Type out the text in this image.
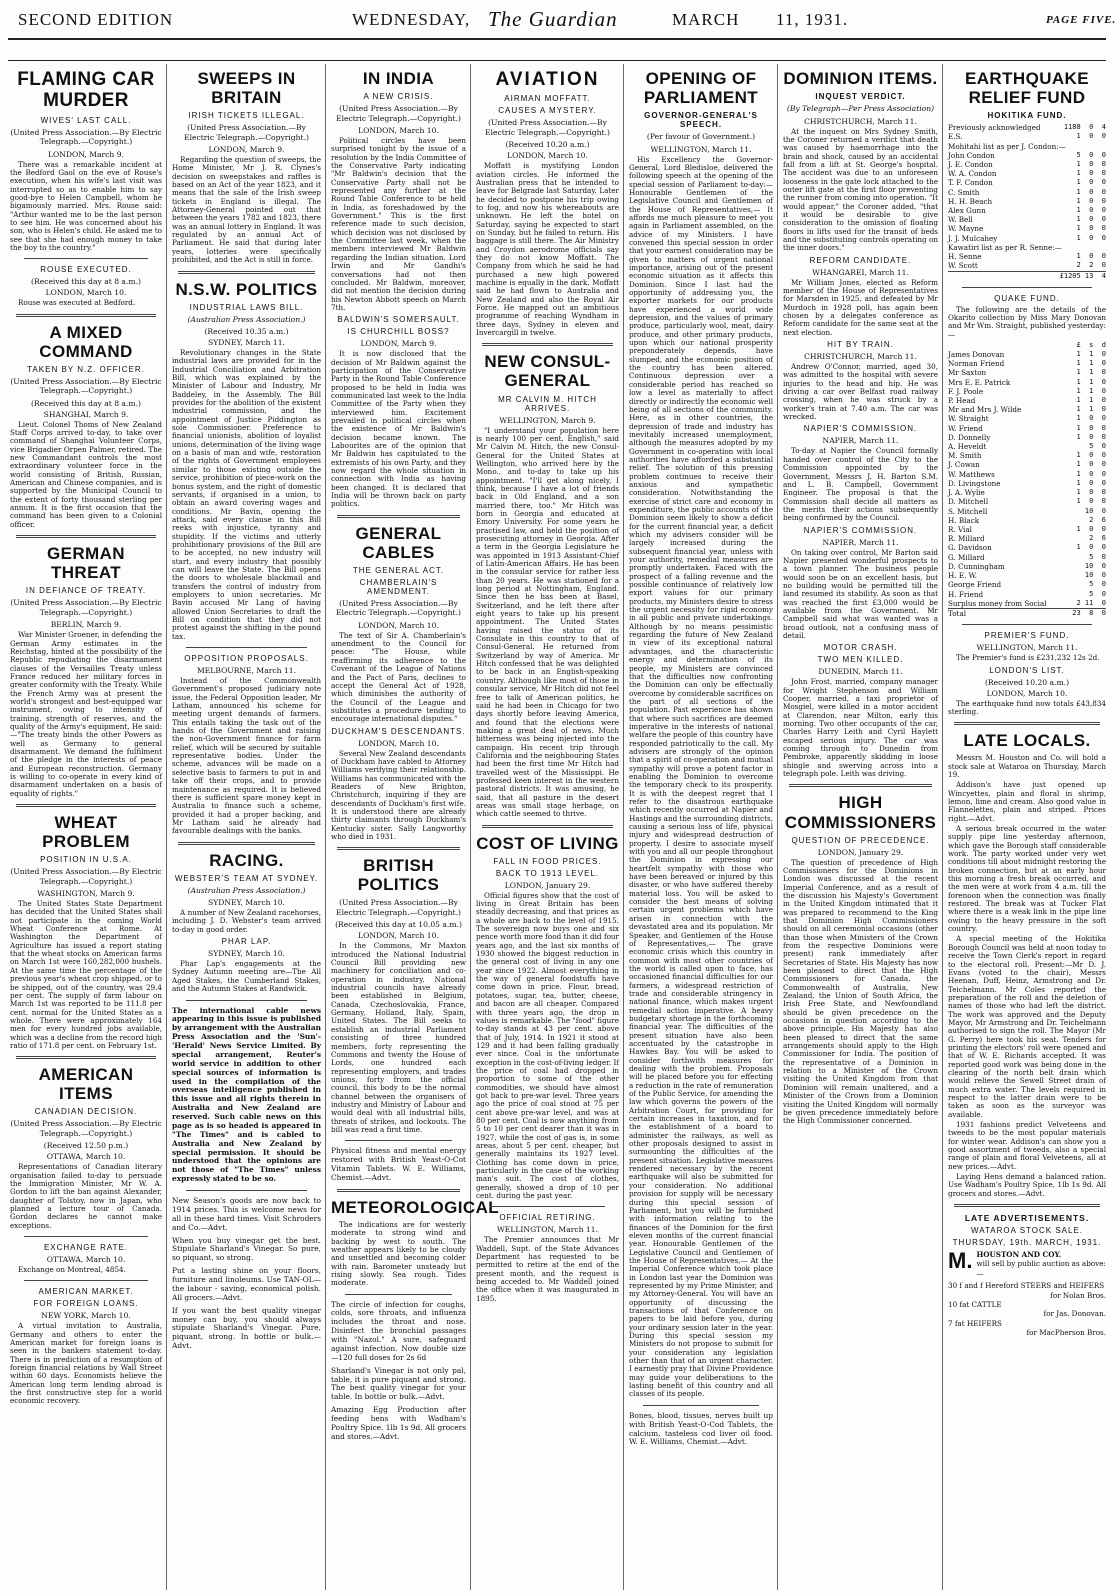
SECOND EDITION	WEDNESDAY, The Guardian	MARCH 11, 1931.	PAGE FIVE.
FLAMING CAR MURDER
WIVES' LAST CALL.
(United Press Association.—By Electric Telegraph.—Copyright.)
LONDON, March 9.

There was a remarkable incident at the Bedford Gaol on the eve of Rouse's execution, when his wife's last visit was interrupted so as to enable him to say good-bye to Helen Campbell, whom he bigamously married. Mrs. Rouse said: "Arthur wanted me to be the last person to see him. He was concerned about his son, who is Helen's child. He asked me to see that she had enough money to take the boy to the country."

ROUSE EXECUTED.
(Received this day at 8 a.m.)
LONDON, March 10.

Rouse was executed at Bedford.

A MIXED COMMAND
TAKEN BY N.Z. OFFICER.
(United Press Association.—By Electric Telegraph.—Copyright.)
(Received this day at 8 a.m.)
SHANGHAI, March 9.

Lieut. Colonel Thoms of New Zealand Staff Corps arrived to-day, to take over command of Shanghai Volunteer Corps, vice Brigadier Orpen Palmer, retired. The new Commandant controls the most extraordinary volunteer force in the world consisting of British, Russian, American and Chinese companies, and is supported by the Municipal Council to the extent of forty thousand sterling per annum. It is the first occasion that the command has been given to a Colonial officer.

GERMAN THREAT
IN DEFIANCE OF TREATY.
(United Press Association.—By Electric Telegraph.—Copyright.)
BERLIN, March 9.

War Minister Groener, in defending the German Army estimates in the Reichstag, hinted at the possibility of the Republic repudiating the disarmament clauses of the Versailles Treaty unless France reduced her military forces in greater conformity with the Treaty. While the French Army was at present the world's strongest and best-equipped war instrument, owing to intensity of training, strength of reserves, and the quality of the Army's equipment, He said:—"The treaty binds the other Powers as well as Germany to general disarmament. We demand the fulfilment of the pledge in the interests of peace and European reconstruction. Germany is willing to co-operate in every kind of disarmament undertaken on a basis of equality of rights."

WHEAT PROBLEM
POSITION IN U.S.A.
(United Press Association.—By Electric Telegraph.—Copyright.)
WASHINGTON, March 9.

The United States State Department has decided that the United States shall not participate in the coming World Wheat Conference at Rome. At Washington the Department of Agriculture has issued a report stating that the wheat stocks on American farms on March 1st were 160,282,000 bushels. At the same time the percentage of the previous year's wheat crop shipped, or to be shipped, out of the country, was 29.4 per cent. The supply of farm labour on March 1st was reported to be 111.8 per cent. normal for the United States as a whole. There were approximately 164 men for every hundred jobs available, which was a decline from the record high ratio of 171.8 per cent. on February 1st.

AMERICAN ITEMS
CANADIAN DECISION.
(United Press Association.—By Electric Telegraph.—Copyright.)
(Received 12.50 p.m.)
OTTAWA, March 10.

Representations of Canadian literary organisation failed to-day to persuade the Immigration Minister, Mr W. A. Gordon to lift the ban against Alexander, daughter of Tolstoy, now in Japan, who planned a lecture tour of Canada. Gordon declares he cannot make exceptions.

EXCHANGE RATE.
OTTAWA, March 10.

Exchange on Montreal, 4854.

AMERICAN MARKET.
FOR FOREIGN LOANS.
NEW YORK, March 10.

A virtual invitation to Australia, Germany and others to enter the American market for foreign loans is seen in the bankers statement to-day. There is in prediction of a resumption of foreign financial relations by Wall Street within 60 days. Economists believe the American long term lending abroad is the first constructive step for a world economic recovery.

SWEEPS IN BRITAIN
IRISH TICKETS ILLEGAL.
(United Press Association.—By Electric Telegraph.—Copyright.)
LONDON, March 9.

Regarding the question of sweeps, the Home Minister, Mr J. R. Clynes's decision on sweepstakes and raffles is based on an Act of the year 1823, and it means that the sale of the Irish sweep tickets in England is illegal. The Attorney-General pointed out that between the years 1782 and 1823, there was an annual lottery in England. It was regulated by an annual Act of Parliament. He said that during later years, lotteries were specifically prohibited, and the Act is still in force.

N.S.W. POLITICS
INDUSTRIAL LAWS BILL.
(Australian Press Association.)
(Received 10.35 a.m.)
SYDNEY, March 11.

Revolutionary changes in the State industrial laws are provided for in the Industrial Conciliation and Arbitration Bill, which was explained by the Minister of Labour and Industry, Mr Baddeley, in the Assembly. The Bill provides for the abolition of the existent industrial commission, and the appointment of Justice Piddington as sole Commissioner. Preference to financial unionists, abolition of loyalist unions, determination of the living wage on a basis of man and wife, restoration of the rights of Government employees similar to those existing outside the service, prohibition of piece-work on the bonus system, and the right of domestic servants, if organised in a union, to obtain an award covering wages and conditions. Mr Bavin, opening the attack, said every clause in this Bill reeks with injustice, tyranny and stupidity. If the victims and utterly prohibitionary provisions of the Bill are to be accepted, no new industry will start, and every industry that possibly can will leave the State. The Bill opens the doors to wholesale blackmail and transfers the control of industry from employers to union secretaries. Mr Bavin accused Mr Lang of having allowed Union Secretaries to draft the Bill on condition that they did not protest against the shifting in the pound tax.

OPPOSITION PROPOSALS.
MELBOURNE, March 11.

Instead of the Commonwealth Government's proposed judiciary note issue, the Federal Opposition leader, Mr Latham, announced his scheme for meeting urgent demands of farmers. This entails taking the task out of the hands of the Government and raising the non-Government finance for farm relief, which will be secured by suitable representative bodies. Under the scheme, advances will be made on a selective basis to farmers to put in and take off their crops, and to provide maintenance as required. It is believed there is sufficient spare money kept in Australia to finance such a scheme, provided it had a proper backing, and Mr Latham said he already had favourable dealings with the banks.

RACING.
WEBSTER'S TEAM AT SYDNEY.
(Australian Press Association.)
SYDNEY, March 10.

A number of New Zealand racehorses, including J. D. Webster's team arrived to-day in good order.

PHAR LAP.
SYDNEY, March 10.

Phar Lap's engagements at the Sydney Autumn meeting are—The All Aged Stakes, the Cumberland Stakes, and the Autumn Stakes at Randwick.

The international cable news appearing in this issue is published by arrangement with the Australian Press Association and the 'Sun'-'Herald' News Service Limited. By special arrangement, Reuter's world service in addition to other special sources of information is used in the compilation of the overseas intelligence published in this issue and all rights therein in Australia and New Zealand are reserved. Such cable news on this page as is so headed is appeared in "The Times" and is cabled to Australia and New Zealand by special permission. It should be understood that the opinions are not those of "The Times" unless expressly stated to be so.

New Season's goods are now back to 1914 prices. This is welcome news for all in these hard times. Visit Schroders and Co.—Advt.

When you buy vinegar get the best. Stipulate Sharland's Vinegar. So pure, so piquant, so strong.

Put a lasting shine on your floors, furniture and linoleums. Use TAN-OL—the labour - saving, economical polish. All grocers.—Advt.

If you want the best quality vinegar money can buy, you should always stipulate Sharland's Vinegar. Pure, piquant, strong. In bottle or bulk.—Advt.

IN INDIA
A NEW CRISIS.
(United Press Association.—By Electric Telegraph.—Copyright.)
LONDON, March 10.

Political circles have been surprised tonight by the issue of a resolution by the India Committee of the Conservative Party indicating "Mr Baldwin's decision that the Conservative Party shall not be represented any further at the Round Table Conference to be held in India, as foreshadowed by the Government." This is the first reference made to such decision, which decision was not disclosed by the Committee last week, when the members interviewed Mr Baldwin regarding the Indian situation. Lord Irwin and Mr Gandhi's conversations had not then concluded. Mr Baldwin, moreover, did not mention the decision during his Newton Abbott speech on March 7th.

BALDWIN'S SOMERSAULT.
IS CHURCHILL BOSS?
LONDON, March 9.

It is now disclosed that the decision of Mr Baldwin against the participation of the Conservative Party in the Round Table Conference proposed to be held in India was communicated last week to the India Committee of the Party when they interviewed him. Excitement prevailed in political circles when the existence of Mr Baldwin's decision became known. The Labourites are of the opinion that Mr Baldwin has capitulated to the extremists of his own Party, and they now regard the whole situation in connection with India as having been changed. It is declared that India will be thrown back on party politics.

GENERAL CABLES
THE GENERAL ACT.
CHAMBERLAIN'S AMENDMENT.
(United Press Association.—By Electric Telegraph.—Copyright.)
LONDON, March 10.

The text of Sir A. Chamberlain's amendment to the Council for peace: "The House, while reaffirming its adherence to the Covenant of the League of Nations and the Pact of Paris, declines to accept the General Act of 1928, which diminishes the authority of the Council of the League and substitutes a procedure tending to encourage international disputes."

DUCKHAM'S DESCENDANTS.
LONDON, March 10.

Several New Zealand descendants of Duckham have cabled to Attorney Williams verifying their relationship. Williams has communicated with the Readers of New Brighton, Christchurch, inquiring if they are descendants of Duckham's first wife. It is understood there are already thirty claimants through Duckham's Kentucky sister. Sally Langworthy who died in 1931.

BRITISH POLITICS
(United Press Association.—By Electric Telegraph.—Copyright.)
(Received this day at 10.05 a.m.)
LONDON, March 10.

In the Commons, Mr Maxton introduced the National Industrial Council Bill providing new machinery for conciliation and co-operation in industry. National industrial councils have already been established in Belgium, Canada, Czechoslovakia, France, Germany, Holland, Italy, Spain, United States. The Bill seeks to establish an industrial Parliament consisting of three hundred members, forty representing the Commons and twenty the House of Lords, one hundred each representing employers, and trades unions, forty from the official council, this body to be the normal channel between the organisers of industry and Ministry of Labour and would deal with all industrial bills, threats of strikes, and lockouts. The bill was read a first time.

Physical fitness and mental energy restored with British Yeast-O-Cot Vitamin Tablets. W. E. Williams, Chemist.—Advt.

METEOROLOGICAL

The indications are for westerly moderate to strong wind and backing by west to south. The weather appears likely to be cloudy and unsettled and becoming colder with rain. Barometer unsteady but rising slowly. Sea rough. Tides moderate.

The circle of infection for coughs, colds, sore throats, and influenza includes the throat and nose. Disinfect the bronchial passages with "Nazol." A sure, safeguard against infection. Now double size—120 full doses for 2s 6d

Sharland's Vinegar is not only pal, table, it is pure piquant and strong. The best quality vinegar for your table. In bottle or bulk.—Advt.

Amazing Egg Production after feeding hens with Wadham's Poultry Spice. 1lb 1s 9d. All grocers and stores.—Advt.

AVIATION
AIRMAN MOFFATT.
CAUSES A MYSTERY.
(United Press Association.—By Electric Telegraph.—Copyright.)
(Received 10.20 a.m.)
LONDON, March 10.

Moffatt is mystifying London aviation circles. He informed the Australian press that he intended to leave for Belgrade last Saturday. Later he decided to postpone his trip owing to fog, and now his whereabouts are unknown. He left the hotel on Saturday, saying he expected to start on Sunday, but he failed to return. His baggage is still there. The Air Ministry and Croydon aerodrome officials say they do not know Moffatt. The Company from which he said he had purchased a new high powered machine is equally in the dark. Moffatt said he had flown to Australia and New Zealand and also the Royal Air Force. He mapped out an ambitious programme of reaching Wyndham in three days, Sydney in eleven and Invercargill in twelve.

NEW CONSUL-GENERAL
MR CALVIN M. HITCH ARRIVES.
WELLINGTON, March 9.

"I understand your population here is nearly 100 per cent. English," said Mr Calvin M. Hitch, the new Consul-General for the United States at Wellington, who arrived here by the Mono., and to-day to take up his appointment. "I'll get along nicely, I think, because I have a lot of friends back in Old England, and a son married there, too." Mr Hitch was born in Georgia and educated at Emory University. For some years he practised law, and held the position of prosecuting attorney in Georgia. After a term in the Georgia Legislature he was appointed in 1913 Assistant-Chief of Latin-American Affairs. He has been in the consular service for rather less than 20 years. He was stationed for a long period at Nottingham, England. Since then he has been at Basel, Switzerland, and he left there after eight years to take up his present appointment. The United States having raised the status of its Consulate in this country to that of Consul-General. He returned from Switzerland by way of America. Mr Hitch confessed that he was delighted to be back in an English-speaking country. Although like most of those in consular service, Mr Hitch did not feel free to talk of American politics, he said he had been in Chicago for two days shortly before leaving America, and found that the elections were making a great deal of news. Much bitterness was being injected into the campaign. His recent trip through California and the neighbouring States had been the first time Mr Hitch had travelled west of the Mississippi. He professed keen interest in the western pastoral districts. It was amusing, he said, that all pasture in the desert areas was small stage herbage, on which cattle seemed to thrive.

COST OF LIVING
FALL IN FOOD PRICES.
BACK TO 1913 LEVEL.
LONDON, January 29.

Official figures show that the cost of living in Great Britain has been steadily decreasing, and that prices as a whole are back to the level of 1915. The sovereign now buys one and six pence worth more food than it did four years ago, and the last six months of 1930 showed the biggest reduction in the general cost of living in any one year since 1922. Almost everything in the way of general foodstuffs have come down in price. Flour, bread, potatoes, sugar, tea, butter, cheese, and bacon are all cheaper. Compared with three years ago, the drop in values is remarkable. The "food" figure to-day stands at 43 per cent. above that of July, 1914. In 1921 it stood at 129 and it had been falling gradually ever since. Coal is the unfortunate exception in the cost-of-living ledger. If the price of coal had dropped in proportion to some of the other commodities, we should have almost got back to pre-war level. Three years ago the price of coal stood at 75 per cent above pre-war level, and was at 80 per cent. Coal is now anything from 5 to 10 per cent dearer than it was in 1927, while the cost of gas is, in some areas, about 5 per cent. cheaper, but generally maintains its 1927 level. Clothing has come down in price, particularly in the case of the working man's suit. The cost of clothes, generally, showed a drop of 10 per cent. during the past year.

OFFICIAL RETIRING.
WELLINGTON, March 11.

The Premier announces that Mr Waddell, Supt. of the State Advances Department has requested to be permitted to retire at the end of the present month, and the request is being acceded to. Mr Waddell joined the office when it was inaugurated in 1895.

OPENING OF PARLIAMENT
GOVERNOR-GENERAL'S SPEECH.
(Per favour of Government.)
WELLINGTON, March 11.

His Excellency the Governor-General, Lord Bledisloe, delivered the following speech at the opening of the special session of Parliament to-day:— Honourable Gentlemen of the Legislative Council and Gentlemen of the House of Representatives,— It affords me much pleasure to meet you again in Parliament assembled, on the advice of my Ministers. I have convened this special session in order that your earnest consideration may be given to matters of urgent national importance, arising out of the present economic situation as it affects this Dominion. Since I last had the opportunity of addressing you, the exporter markets for our products have experienced a world wide depression, and the values of primary produce, particularly wool, meat, dairy produce, and other primary products, upon which our national prosperity preponderately depends, have slumped, and the economic position of the country has been altered. Continuous depression over a considerable period has reached so low a level as materially to affect directly or indirectly the economic well being of all sections of the community. Here, as in other countries, the depression of trade and industry has inevitably increased unemployment, although the measures adopted by my Government in co-operation with local authorities have afforded a substantial relief. The solution of this pressing problem continues to receive their anxious and sympathetic consideration. Notwithstanding the exercise of strict care and economy in expenditure, the public accounts of the Dominion seem likely to show a deficit for the current financial year, a deficit which my advisers consider will be largely increased during the subsequent financial year, unless with your authority, remedial measures are promptly undertaken. Faced with the prospect of a falling revenue and the possible continuance of relatively low export values for our primary products, my Ministers desire to stress the urgent necessity for rigid economy in all public and private undertakings. Although by no means pessimistic regarding the future of New Zealand in view of its exceptional natural advantages, and the characteristic energy and determination of its people, my Ministers are convinced that the difficulties now confronting the Dominion can only be effectually overcome by considerable sacrifices on the part of all sections of the population. Past experience has shown that where such sacrifices are deemed imperative in the interests of national welfare the people of this country have responded patriotically to the call. My advisers are strongly of the opinion that a spirit of co-operation and mutual sympathy will prove a potent factor in enabling the Dominion to overcome the temporary check to its prosperity. It is with the deepest regret that I refer to the disastrous earthquake which recently occurred at Napier and Hastings and the surrounding districts, causing a serious loss of life, physical injury and widespread destruction of property. I desire to associate myself with you and all our people throughout the Dominion in expressing our heartfelt sympathy with those who have been bereaved or injured by this disaster, or who have suffered thereby material loss. You will be asked to consider the best means of solving certain urgent problems which have arisen in connection with the devastated area and its population. Mr Speaker, and Gentlemen of the House of Representatives,— The grave economic crisis which this country in common with most other countries of the world is called upon to face, has occasioned financial difficulties for our farmers, a widespread restriction of trade and considerable stringency in national finance, which makes urgent remedial action imperative. A heavy budgetary shortage in the forthcoming financial year. The difficulties of the present situation have also been accentuated by the catastrophe in Hawkes Bay. You will be asked to consider forthwith measures for dealing with the problem. Proposals will be placed before you for effecting a reduction in the rate of remuneration of the Public Service, for amending the law which governs the powers of the Arbitration Court, for providing for certain increases in taxation, and for the establishment of a board to administer the railways, as well as other proposals designed to assist in surmounting the difficulties of the present situation. Legislative measures rendered necessary by the recent earthquake will also be submitted for your consideration. No additional provision for supply will be necessary during this special session of Parliament, but you will be furnished with information relating to the finances of the Dominion for the first eleven months of the current financial year. Honourable Gentlemen of the Legislative Council and Gentlemen of the House of Representatives,— At the Imperial Conference which took place in London last year the Dominion was represented by my Prime Minister, and my Attorney-General. You will have an opportunity of discussing the transactions of that Conference on papers to be laid before you, during your ordinary session later in the year. During this special session my Ministers do not propose to submit for your consideration any legislation other than that of an urgent character. I earnestly pray that Divine Providence may guide your deliberations to the lasting benefit of this country and all classes of its people.

Bones, blood, tissues, nerves built up with British Yeast-O-Cod Tablets, the calcium, tasteless cod liver oil food. W. E. Williams, Chemist.—Advt.

DOMINION ITEMS.
INQUEST VERDICT.
(By Telegraph—Per Press Association)
CHRISTCHURCH, March 11.

At the inquest on Mrs Sydney Smith, the Coroner returned a verdict that death was caused by haemorrhage into the brain and shock, caused by an accidental fall from a lift at St. George's hospital. The accident was due to an unforeseen looseness in the gate lock attached to the outer lift gate at the first floor preventing the runner from coming into operation. "It would appear," the Coroner added, "that it would be desirable to give consideration to the omission of floating floors in lifts used for the transit of beds and the substituting controls operating on the inner doors."

REFORM CANDIDATE.
WHANGAREI, March 11.

Mr William Jones, elected as Reform member of the House of Representatives for Marsden in 1925, and defeated by Mr Murdoch in 1928 poll, has again been chosen by a delegates conference as Reform candidate for the same seat at the next election.

HIT BY TRAIN.
CHRISTCHURCH, March 11.

Andrew O'Connor, married, aged 30, was admitted to the hospital with severe injuries to the head and hip. He was driving a car over Belfast road railway crossing, when he was struck by a worker's train at 7.40 a.m. The car was wrecked.

NAPIER'S COMMISSION.
NAPIER, March 11.

To-day at Napier the Council formally handed over control of the City to the Commission appointed by the Government, Messrs J. H. Barton S.M. and L. B. Campbell, Government Engineer. The proposal is that the Commission shall decide all matters as the merits their actions subsequently being confirmed by the Council.

NAPIER'S COMMISSION.
NAPIER, March 11.

On taking over control, Mr Barton said Napier presented wonderful prospects to a town planner. The business people would soon be on an excellent basis, but no building would be permitted till the land resumed its stability. As soon as that was reached the first £3,000 would be available from the Government. Mr Campbell said what was wanted was a broad outlook, not a confusing mass of detail.

MOTOR CRASH.
TWO MEN KILLED.
DUNEDIN, March 11.

John Frost, married, company manager for Wright Stephenson and William Cooper, married, a taxi proprietor of Mosgiel, were killed in a motor accident at Clarendon, near Milton, early this morning. Two other occupants of the car, Charles Harry Leith and Cyril Haylett escaped serious injury. The car was coming through to Dunedin from Pembroke, apparently skidding in loose shingle and swerving across into a telegraph pole. Leith was driving.

HIGH COMMISSIONERS
QUESTION OF PRECEDENCE.
LONDON, January 29.

The question of precedence of High Commissioners for the Dominions in London was discussed at the recent Imperial Conference, and as a result of the discussion his Majesty's Government in the United Kingdom intimated that it was prepared to recommend to the King that Dominion High Commissioners should on all ceremonial occasions (other than those when Ministers of the Crown from the respective Dominions were present) rank immediately after Secretaries of State. His Majesty has now been pleased to direct that the High Commissioners for Canada, the Commonwealth of Australia, New Zealand, the Union of South Africa, the Irish Free State, and Newfoundland should be given precedence on the occasions in question according to the above principle. His Majesty has also been pleased to direct that the same arrangements should apply to the High Commissioner for India. The position of the representative of a Dominion in relation to a Minister of the Crown visiting the United Kingdom from that Dominion will remain unaltered, and a Minister of the Crown from a Dominion visiting the United Kingdom will normally be given precedence immediately before the High Commissioner concerned.

EARTHQUAKE RELIEF FUND
HOKITIKA FUND.
Previously acknowledged	1188  0  4
E.S.	1  0  0
Mohitahi list as per J. Condon:—
John Condon	5  0  0
J. E. Condon	1  0  0
W. A. Condon	1  0  0
T. F. Condon	1  0  0
C. Smith	1  0  0
H. H. Beach	1  0  0
Alex Gunn	1  0  0
W. Bell	1  0  0
W. Mayne	1  0  0
J. J. Mulcahey	1  0  0
Kawatiri list as per R. Senne:—
H. Senne	1  0  0
W. Scott	2  2  0
£1205 13  4
QUAKE FUND.

The following are the details of the Okarito collection by Miss Mary Donovan and Mr Wm. Straight, published yesterday:—

£  s  d
James Donovan	1  1  0
Norman Friend	1  1  0
Mr Saxton	1  1  0
Mrs E. E. Patrick	1  1  0
F. J. Poole	1  1  0
P. Head	1  1  0
Mr and Mrs J. Wilde	1  1  0
W. Straight	1  0  0
W. Friend	1  0  0
D. Donnelly	1  0  0
A. Heveldt	5  0
M. Smith	1  0  0
J. Cowan	1  0  0
W. Matthews	1  0  0
D. Livingstone	1  0  0
J. A. Wylie	1  0  0
D. Mitchell	1  0  0
S. Mitchell	10  0
H. Black	2  6
R. Vial	1  0  0
R. Millard	2  6
G. Davidson	1  0  0
G. Millard	5  0
D. Cunningham	10  0
H. E. W.	10  0
George Friend	5  0
H. Friend	5  0
Surplus money from Social	2 11  0
Total	23  8  0
PREMIER'S FUND.
WELLINGTON, March 11.

The Premier's fund is £231,232 12s 2d.

LONDON'S LIST.
(Received 10.20 a.m.)
LONDON, March 10.

The earthquake fund now totals £43,834 sterling.

LATE LOCALS.

Messrs M. Houston and Co. will hold a stock sale at Wataroa on Thursday, March 19.

Addison's have just opened up Wincyettes, plain and floral in shrimp, lemon, lime and cream. Also good value in Flannelettes, plain and striped. Prices right.—Advt.

A serious break occurred in the water supply pipe line yesterday afternoon, which gave the Borough staff considerable work. The party worked under very wet conditions till about midnight restoring the broken connection, but at an early hour this morning a fresh break occurred, and the men were at work from 4 a.m. till the forenoon when the connection was finally restored. The break was at Tucker Flat where there is a weak link in the pipe line owing to the heavy pressure in the soft country.

A special meeting of the Hokitika Borough Council was held at noon today to receive the Town Clerk's report in regard to the electoral roll. Present:—Mr D. J. Evans (voted to the chair), Messrs Heenan, Duff, Heinz, Armstrong and Dr. Teichelmann. Mr Coles reported the preparation of the roll and the deletion of names of those who had left the district. The work was approved and the Deputy Mayor, Mr Armstrong and Dr. Teichelmann authorised to sign the roll. The Mayor (Mr G. Perry) here took his seat. Tenders for printing the electors' roll were opened and that of W. E. Richards accepted. It was reported good work was being done in the clearing of the north belt drain which would relieve the Sewell Street drain of much extra water. The levels required in respect to the latter drain were to be taken as soon as the surveyor was available.

1931 fashions predict Velveteens and tweeds to be the most popular materials for winter wear. Addison's can show you a good assortment of tweeds, also a special range of plain and floral Velveteens, all at new prices.—Advt.

Laying Hens demand a balanced ration. Use Wadham's Poultry Spice, 1lb 1s 9d. All grocers and stores.—Advt.

LATE ADVERTISEMENTS.
WATAROA STOCK SALE.
THURSDAY, 19th. MARCH, 1931.
M. HOUSTON AND COY.
will sell by public auction as above:—
30 f and f Hereford STEERS and HEIFERS
for Nolan Bros.
10 fat CATTLE
for Jas. Donovan.
7 fat HEIFERS
for MacPherson Bros.
